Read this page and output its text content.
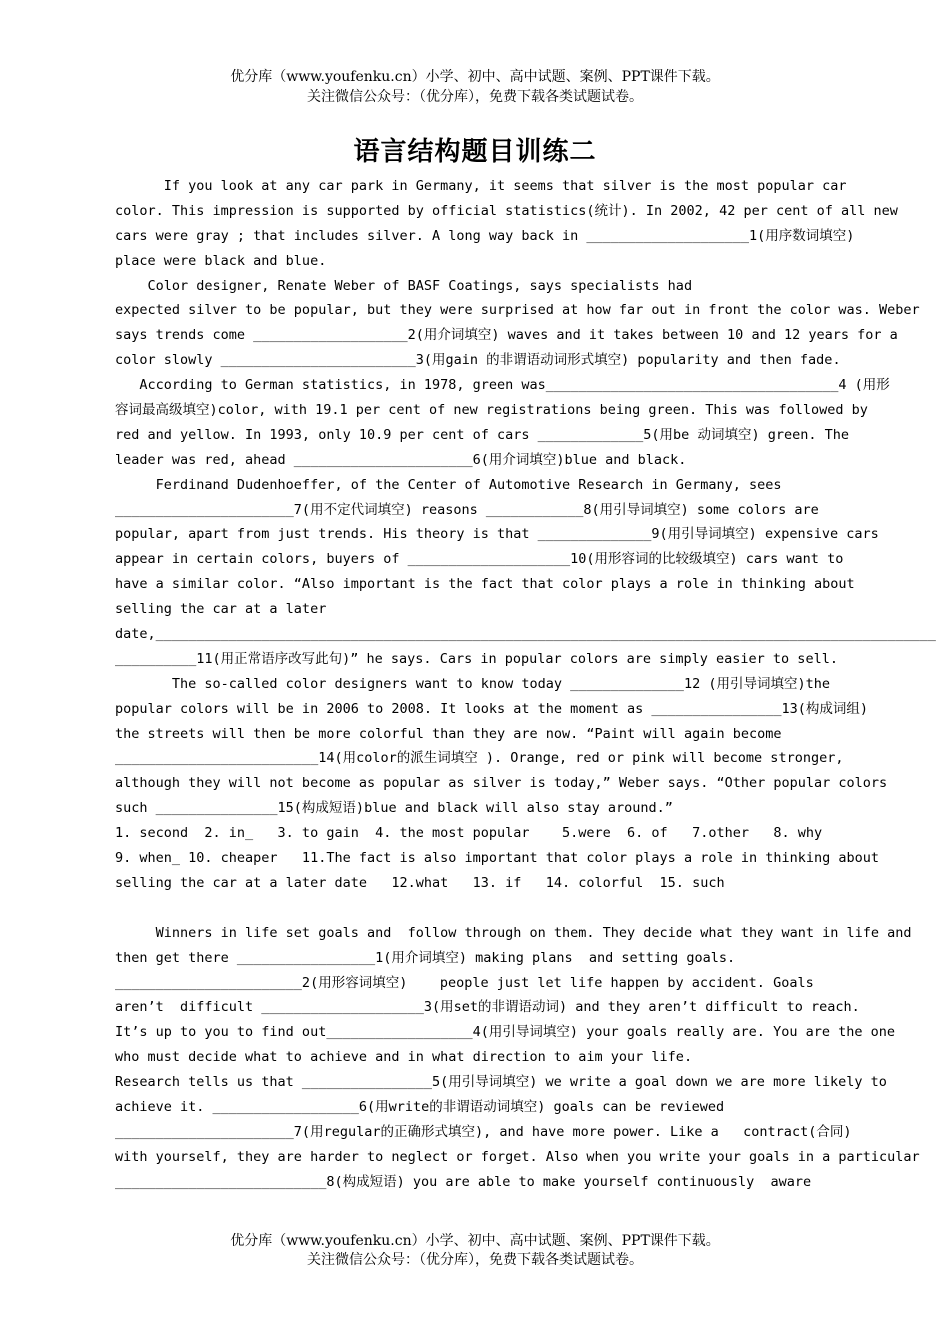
优分库（www.youfenku.cn）小学、初中、高中试题、案例、PPT课件下载。
关注微信公众号：（优分库），免费下载各类试题试卷。
语言结构题目训练二
If you look at any car park in Germany, it seems that silver is the most popular car
color. This impression is supported by official statistics(统计). In 2002, 42 per cent of all new
cars were gray ; that includes silver. A long way back in ____________________1(用序数词填空)
place were black and blue.
Color designer, Renate Weber of BASF Coatings, says specialists had
expected silver to be popular, but they were surprised at how far out in front the color was. Weber
says trends come ___________________2(用介词填空) waves and it takes between 10 and 12 years for a
color slowly ________________________3(用gain 的非谓语动词形式填空) popularity and then fade.
According to German statistics, in 1978, green was____________________________________4 (用形
容词最高级填空)color, with 19.1 per cent of new registrations being green. This was followed by
red and yellow. In 1993, only 10.9 per cent of cars _____________5(用be 动词填空) green. The
leader was red, ahead ______________________6(用介词填空)blue and black.
Ferdinand Dudenhoeffer, of the Center of Automotive Research in Germany, sees
______________________7(用不定代词填空) reasons ____________8(用引导词填空) some colors are
popular, apart from just trends. His theory is that ______________9(用引导词填空) expensive cars
appear in certain colors, buyers of ____________________10(用形容词的比较级填空) cars want to
have a similar color. “Also important is the fact that color plays a role in thinking about
selling the car at a later
date,________________________________________________________________________________________________
__________11(用正常语序改写此句)” he says. Cars in popular colors are simply easier to sell.
The so-called color designers want to know today ______________12 (用引导词填空)the
popular colors will be in 2006 to 2008. It looks at the moment as ________________13(构成词组)
the streets will then be more colorful than they are now. “Paint will again become
_________________________14(用color的派生词填空 ). Orange, red or pink will become stronger,
although they will not become as popular as silver is today,” Weber says. “Other popular colors
such _______________15(构成短语)blue and black will also stay around.”
1. second  2. in_   3. to gain  4. the most popular    5.were  6. of   7.other   8. why
9. when_ 10. cheaper   11.The fact is also important that color plays a role in thinking about
selling the car at a later date   12.what   13. if   14. colorful  15. such
Winners in life set goals and  follow through on them. They decide what they want in life and
then get there _________________1(用介词填空) making plans  and setting goals.
_______________________2(用形容词填空)    people just let life happen by accident. Goals
aren’t  difficult ____________________3(用set的非谓语动词) and they aren’t difficult to reach.
It’s up to you to find out__________________4(用引导词填空) your goals really are. You are the one
who must decide what to achieve and in what direction to aim your life.
Research tells us that ________________5(用引导词填空) we write a goal down we are more likely to
achieve it. __________________6(用write的非谓语动词填空) goals can be reviewed
______________________7(用regular的正确形式填空), and have more power. Like a   contract(合同)
with yourself, they are harder to neglect or forget. Also when you write your goals in a particular
__________________________8(构成短语) you are able to make yourself continuously  aware
优分库（www.youfenku.cn）小学、初中、高中试题、案例、PPT课件下载。
关注微信公众号：（优分库），免费下载各类试题试卷。
